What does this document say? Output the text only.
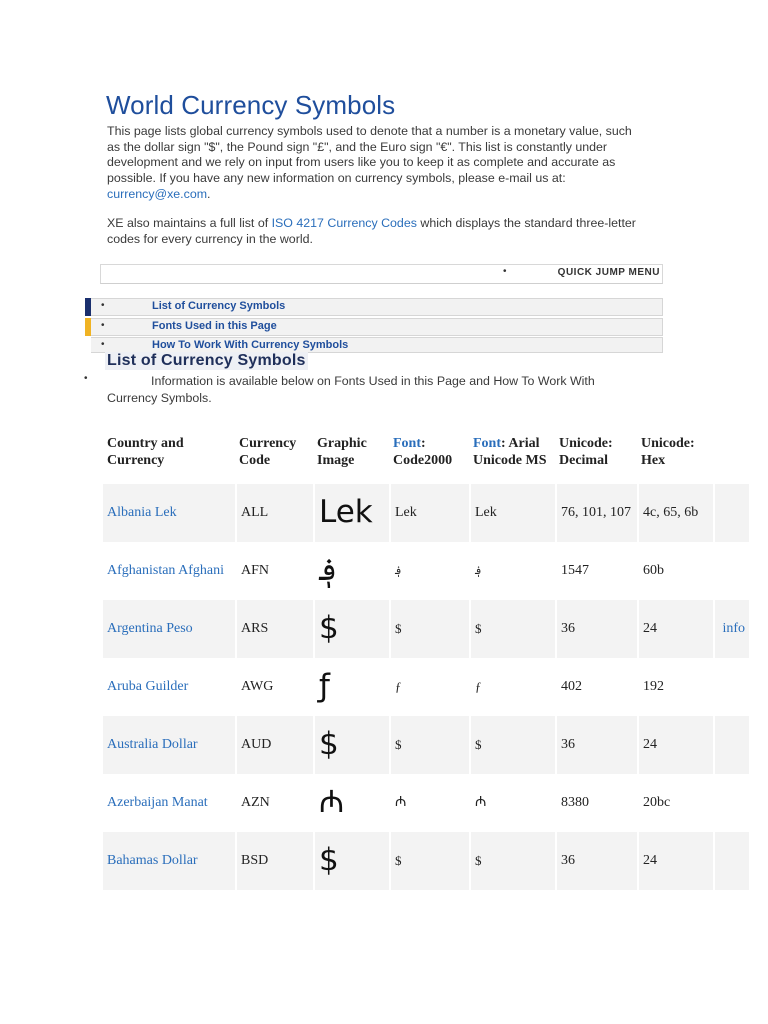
World Currency Symbols

This page lists global currency symbols used to denote that a number is a monetary value, such as the dollar sign "$", the Pound sign "£", and the Euro sign "€". This list is constantly under development and we rely on input from users like you to keep it as complete and accurate as possible. If you have any new information on currency symbols, please e-mail us at: currency@xe.com.

XE also maintains a full list of ISO 4217 Currency Codes which displays the standard three-letter codes for every currency in the world.

•	QUICK JUMP MENU
•	List of Currency Symbols
•	Fonts Used in this Page
•	How To Work With Currency Symbols
List of Currency Symbols
•	Information is available below on Fonts Used in this Page and How To Work With Currency Symbols.

Country and Currency	Currency Code	Graphic Image	Font: Code2000	Font: Arial Unicode MS	Unicode: Decimal	Unicode: Hex	
Albania Lek	ALL	Lek	Lek	Lek	76, 101, 107	4c, 65, 6b	
Afghanistan Afghani	AFN	؋	؋	؋	1547	60b	
Argentina Peso	ARS	$	$	$	36	24	info
Aruba Guilder	AWG	ƒ	ƒ	ƒ	402	192	
Australia Dollar	AUD	$	$	$	36	24	
Azerbaijan Manat	AZN	₼	₼	₼	8380	20bc	
Bahamas Dollar	BSD	$	$	$	36	24	
